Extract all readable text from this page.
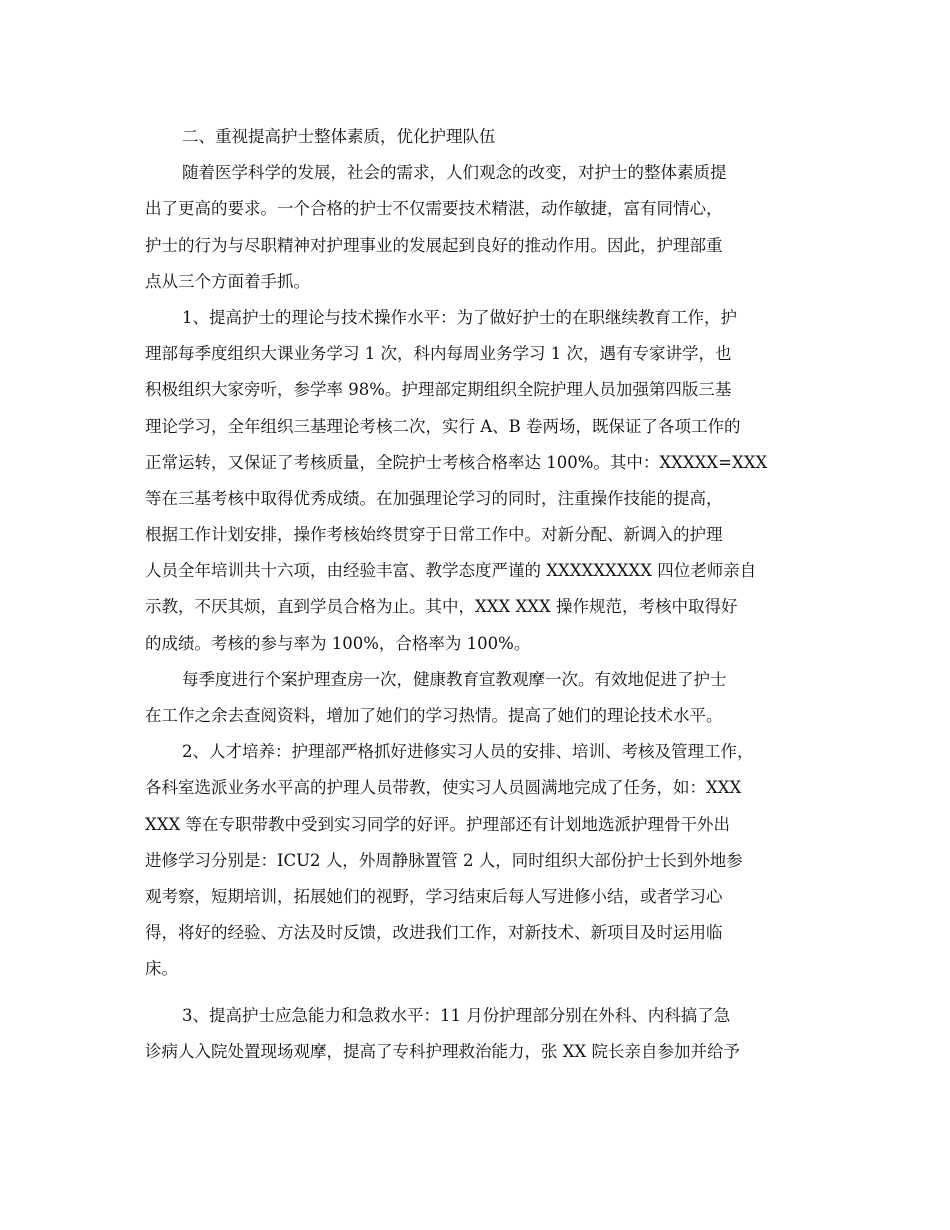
二、重视提高护士整体素质，优化护理队伍
随着医学科学的发展，社会的需求，人们观念的改变，对护士的整体素质提
出了更高的要求。一个合格的护士不仅需要技术精湛，动作敏捷，富有同情心，
护士的行为与尽职精神对护理事业的发展起到良好的推动作用。因此，护理部重
点从三个方面着手抓。
1、提高护士的理论与技术操作水平：为了做好护士的在职继续教育工作，护
理部每季度组织大课业务学习 1 次，科内每周业务学习 1 次，遇有专家讲学，也
积极组织大家旁听，参学率 98%。护理部定期组织全院护理人员加强第四版三基
理论学习，全年组织三基理论考核二次，实行 A、B 卷两场，既保证了各项工作的
正常运转，又保证了考核质量，全院护士考核合格率达 100%。其中：XXXXX=XXX
等在三基考核中取得优秀成绩。在加强理论学习的同时，注重操作技能的提高，
根据工作计划安排，操作考核始终贯穿于日常工作中。对新分配、新调入的护理
人员全年培训共十六项，由经验丰富、教学态度严谨的 XXXXXXXXX 四位老师亲自
示教，不厌其烦，直到学员合格为止。其中，XXX XXX 操作规范，考核中取得好
的成绩。考核的参与率为 100%，合格率为 100%。
每季度进行个案护理查房一次，健康教育宣教观摩一次。有效地促进了护士
在工作之余去查阅资料，增加了她们的学习热情。提高了她们的理论技术水平。
2、人才培养：护理部严格抓好进修实习人员的安排、培训、考核及管理工作，
各科室选派业务水平高的护理人员带教，使实习人员圆满地完成了任务，如：XXX
XXX 等在专职带教中受到实习同学的好评。护理部还有计划地选派护理骨干外出
进修学习分别是：ICU2 人，外周静脉置管 2 人，同时组织大部份护士长到外地参
观考察，短期培训，拓展她们的视野，学习结束后每人写进修小结，或者学习心
得，将好的经验、方法及时反馈，改进我们工作，对新技术、新项目及时运用临
床。
3、提高护士应急能力和急救水平：11 月份护理部分别在外科、内科搞了急
诊病人入院处置现场观摩，提高了专科护理救治能力，张 XX 院长亲自参加并给予
